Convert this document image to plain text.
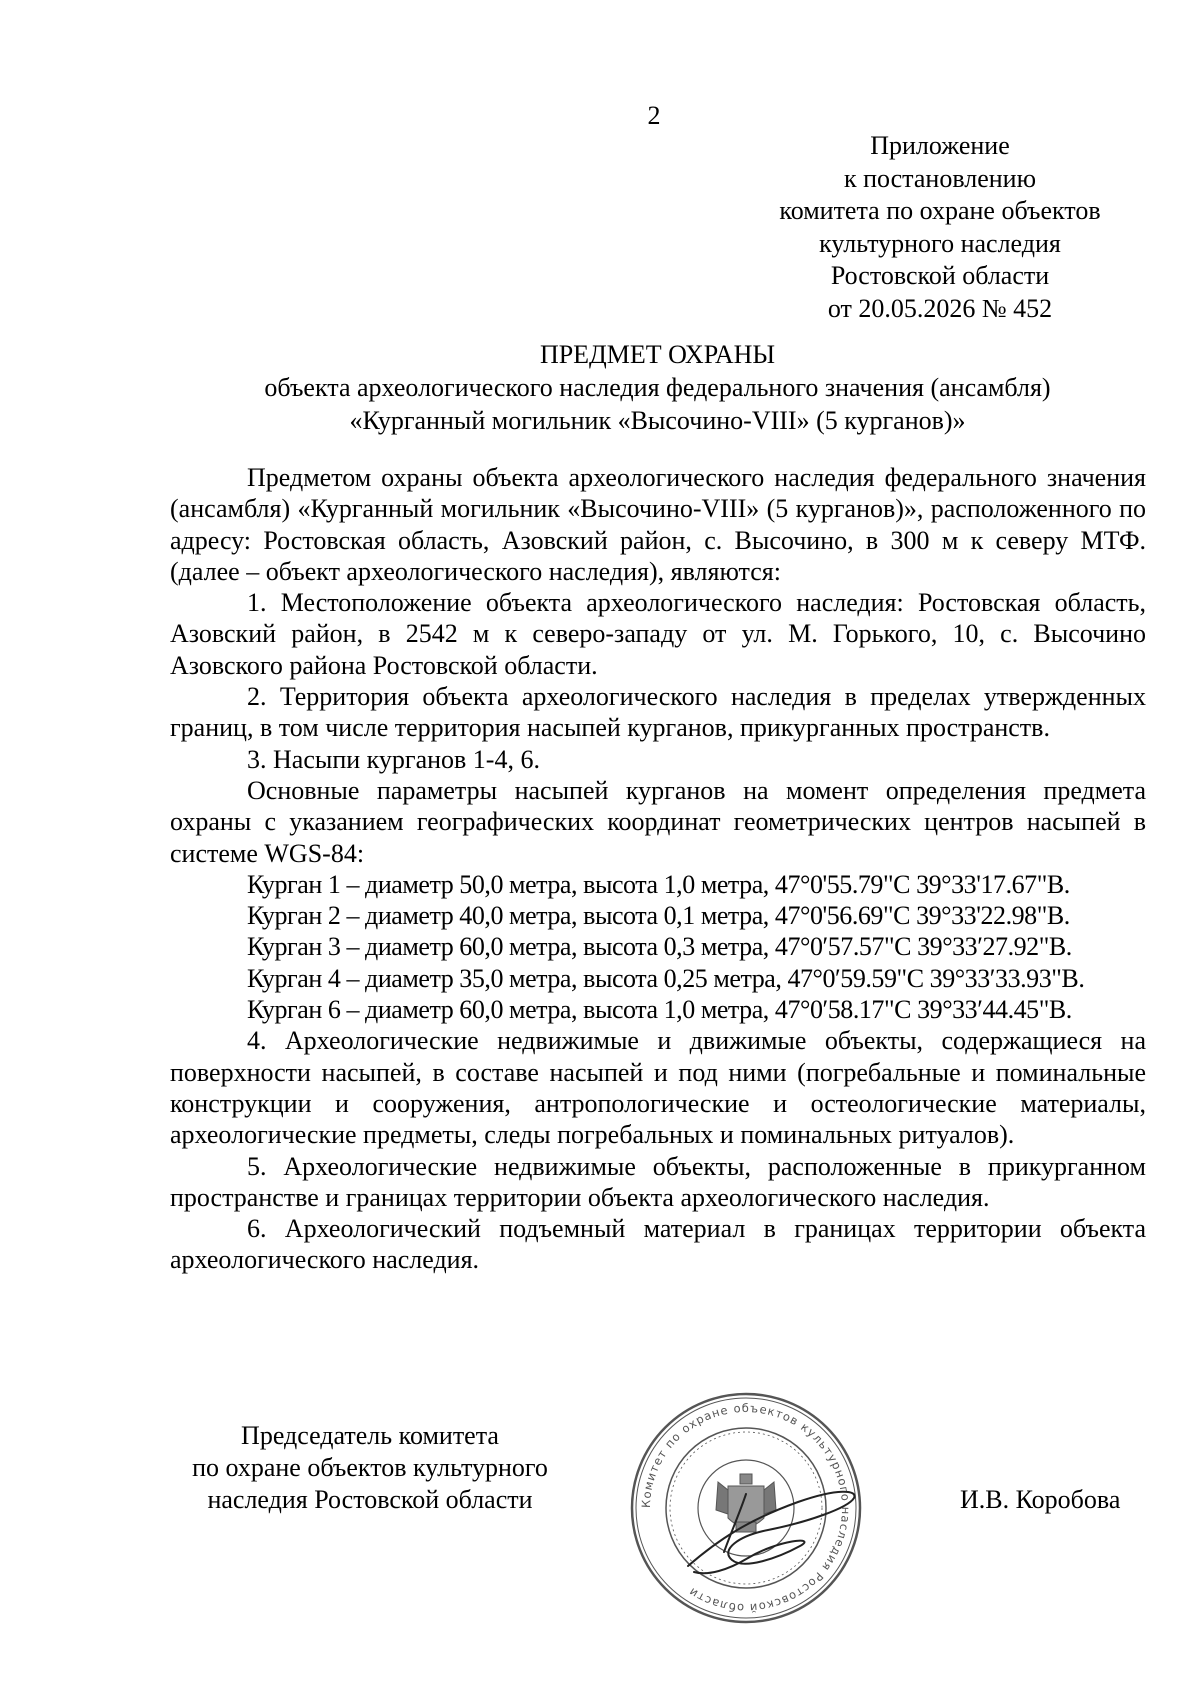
2
Приложение
к постановлению
комитета по охране объектов
культурного наследия
Ростовской области
от 20.05.2026 № 452
ПРЕДМЕТ ОХРАНЫ
объекта археологического наследия федерального значения (ансамбля)
«Курганный могильник «Высочино-VIII» (5 курганов)»

Предметом охраны объекта археологического наследия федерального значения (ансамбля) «Курганный могильник «Высочино-VIII» (5 курганов)», расположенного по адресу: Ростовская область, Азовский район, с. Высочино, в 300 м к северу МТФ. (далее – объект археологического наследия), являются:

1. Местоположение объекта археологического наследия: Ростовская область, Азовский район, в 2542 м к северо-западу от ул. М. Горького, 10, с. Высочино Азовского района Ростовской области.

2. Территория объекта археологического наследия в пределах утвержденных границ, в том числе территория насыпей курганов, прикурганных пространств.

3. Насыпи курганов 1-4, 6.

Основные параметры насыпей курганов на момент определения предмета охраны с указанием географических координат геометрических центров насыпей в системе WGS-84:

Курган 1 – диаметр 50,0 метра, высота 1,0 метра, 47°0'55.79"С 39°33'17.67"В.

Курган 2 – диаметр 40,0 метра, высота 0,1 метра, 47°0'56.69"С 39°33'22.98"В.

Курган 3 – диаметр 60,0 метра, высота 0,3 метра, 47°0′57.57"С 39°33′27.92"В.

Курган 4 – диаметр 35,0 метра, высота 0,25 метра, 47°0′59.59"С 39°33′33.93"В.

Курган 6 – диаметр 60,0 метра, высота 1,0 метра, 47°0′58.17"С 39°33′44.45"В.

4. Археологические недвижимые и движимые объекты, содержащиеся на поверхности насыпей, в составе насыпей и под ними (погребальные и поминальные конструкции и сооружения, антропологические и остеологические материалы, археологические предметы, следы погребальных и поминальных ритуалов).

5. Археологические недвижимые объекты, расположенные в прикурганном пространстве и границах территории объекта археологического наследия.

6. Археологический подъемный материал в границах территории объекта археологического наследия.

Председатель комитета
по охране объектов культурного
наследия Ростовской области	И.В. Коробова
Комитет по охране объектов культурного наследия Ростовской области
